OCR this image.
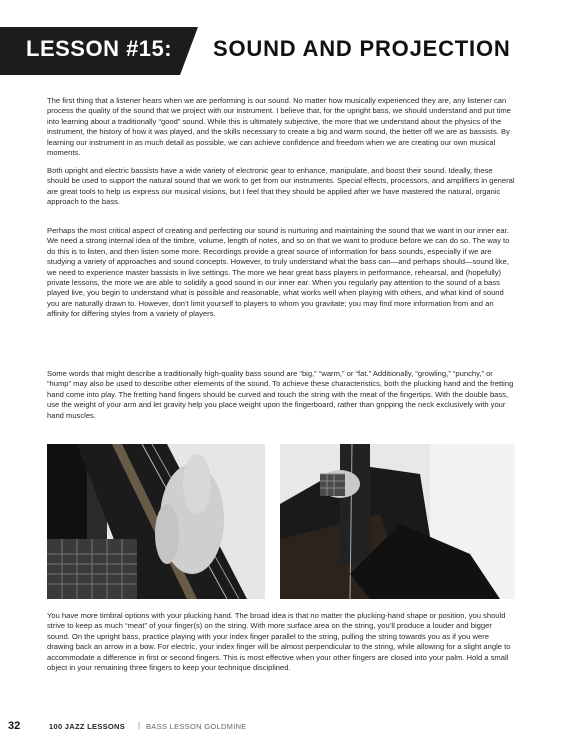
LESSON #15: SOUND AND PROJECTION

The first thing that a listener hears when we are performing is our sound. No matter how musically experienced they are, any listener can process the quality of the sound that we project with our instrument. I believe that, for the upright bass, we should understand and put time into learning about a traditionally “good” sound. While this is ultimately subjective, the more that we understand about the physics of the instrument, the history of how it was played, and the skills necessary to create a big and warm sound, the better off we are as bassists. By learning our instrument in as much detail as possible, we can achieve confidence and freedom when we are creating our own musical moments.

Both upright and electric bassists have a wide variety of electronic gear to enhance, manipulate, and boost their sound. Ideally, these should be used to support the natural sound that we work to get from our instruments. Special effects, processors, and amplifiers in general are great tools to help us express our musical visions, but I feel that they should be applied after we have mastered the natural, organic approach to the bass.

Perhaps the most critical aspect of creating and perfecting our sound is nurturing and maintaining the sound that we want in our inner ear. We need a strong internal idea of the timbre, volume, length of notes, and so on that we want to produce before we can do so. The way to do this is to listen, and then listen some more. Recordings provide a great source of information for bass sounds, especially if we are studying a variety of approaches and sound concepts. However, to truly understand what the bass can—and perhaps should—sound like, we need to experience master bassists in live settings. The more we hear great bass players in performance, rehearsal, and (hopefully) private lessons, the more we are able to solidify a good sound in our inner ear. When you regularly pay attention to the sound of a bass played live, you begin to understand what is possible and reasonable, what works well when playing with others, and what kind of sound you are naturally drawn to. However, don’t limit yourself to players to whom you gravitate; you may find more information from and an affinity for differing styles from a variety of players.

Some words that might describe a traditionally high-quality bass sound are “big,” “warm,” or “fat.” Additionally, “growling,” “punchy,” or “hump” may also be used to describe other elements of the sound. To achieve these characteristics, both the plucking hand and the fretting hand come into play. The fretting hand fingers should be curved and touch the string with the meat of the fingertips. With the double bass, use the weight of your arm and let gravity help you place weight upon the fingerboard, rather than gripping the neck exclusively with your hand muscles.

You have more timbral options with your plucking hand. The broad idea is that no matter the plucking-hand shape or position, you should strive to keep as much “meat” of your finger(s) on the string. With more surface area on the string, you’ll produce a louder and bigger sound. On the upright bass, practice playing with your index finger parallel to the string, pulling the string towards you as if you were drawing back an arrow in a bow. For electric, your index finger will be almost perpendicular to the string, while allowing for a slight angle to accommodate a difference in first or second fingers. This is most effective when your other fingers are closed into your palm. Hold a small object in your remaining three fingers to keep your technique disciplined.

32	100 JAZZ LESSONS | BASS LESSON GOLDMINE
